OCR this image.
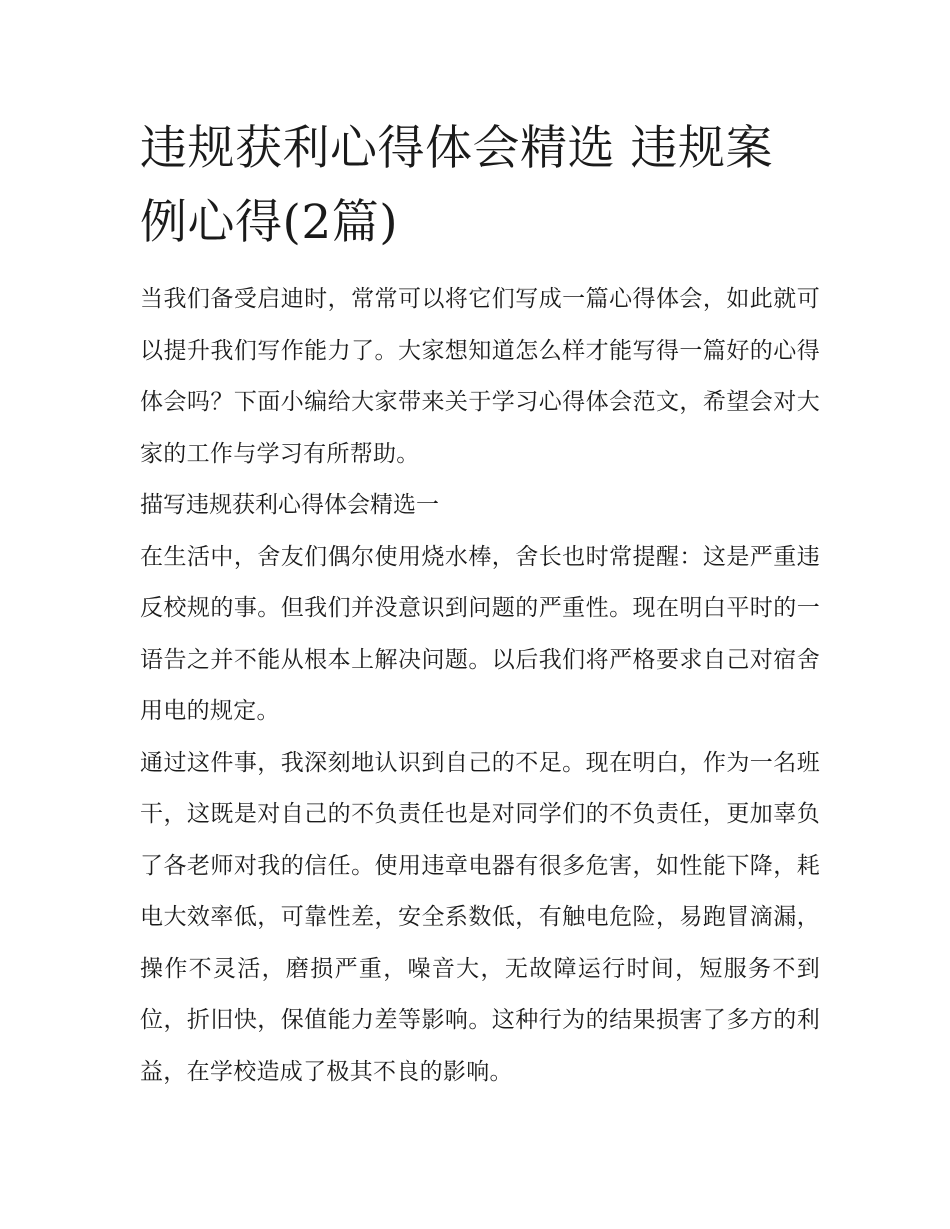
违规获利心得体会精选 违规案例心得(2篇)

当我们备受启迪时，常常可以将它们写成一篇心得体会，如此就可以提升我们写作能力了。大家想知道怎么样才能写得一篇好的心得体会吗？下面小编给大家带来关于学习心得体会范文，希望会对大家的工作与学习有所帮助。

描写违规获利心得体会精选一

在生活中，舍友们偶尔使用烧水棒，舍长也时常提醒：这是严重违反校规的事。但我们并没意识到问题的严重性。现在明白平时的一语告之并不能从根本上解决问题。以后我们将严格要求自己对宿舍用电的规定。

通过这件事，我深刻地认识到自己的不足。现在明白，作为一名班干，这既是对自己的不负责任也是对同学们的不负责任，更加辜负了各老师对我的信任。使用违章电器有很多危害，如性能下降，耗电大效率低，可靠性差，安全系数低，有触电危险，易跑冒滴漏，操作不灵活，磨损严重，噪音大，无故障运行时间，短服务不到位，折旧快，保值能力差等影响。这种行为的结果损害了多方的利益，在学校造成了极其不良的影响。
